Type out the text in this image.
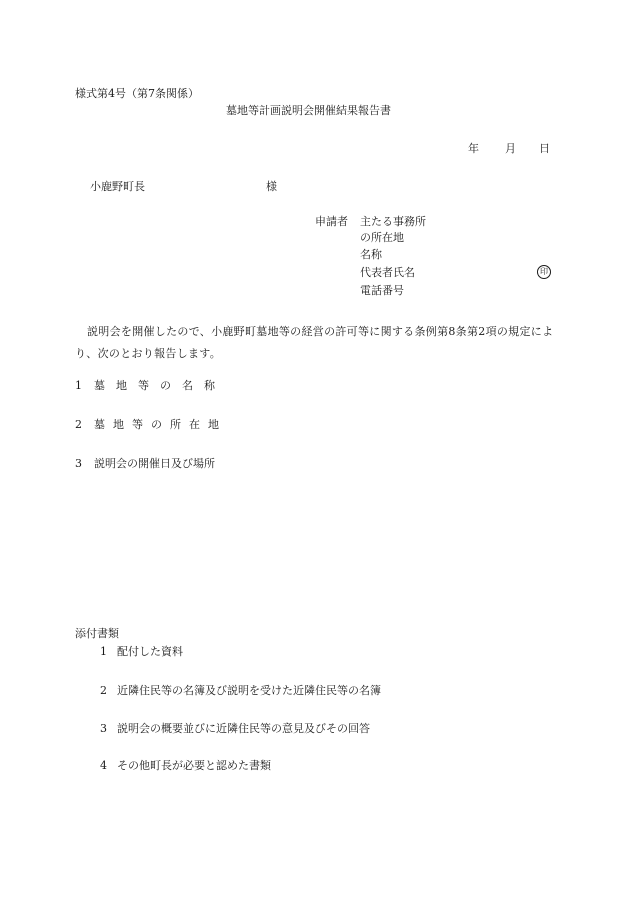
様式第4号（第7条関係）
墓地等計画説明会開催結果報告書
年 月 日
小鹿野町長	様
申請者 主たる事務所
の所在地
名称
代表者氏名	印
電話番号
説明会を開催したので、小鹿野町墓地等の経営の許可等に関する条例第8条第2項の規定により、次のとおり報告します。
1 墓地等の名称
2 墓地等の所在地
3 説明会の開催日及び場所
添付書類
1 配付した資料
2 近隣住民等の名簿及び説明を受けた近隣住民等の名簿
3 説明会の概要並びに近隣住民等の意見及びその回答
4 その他町長が必要と認めた書類
